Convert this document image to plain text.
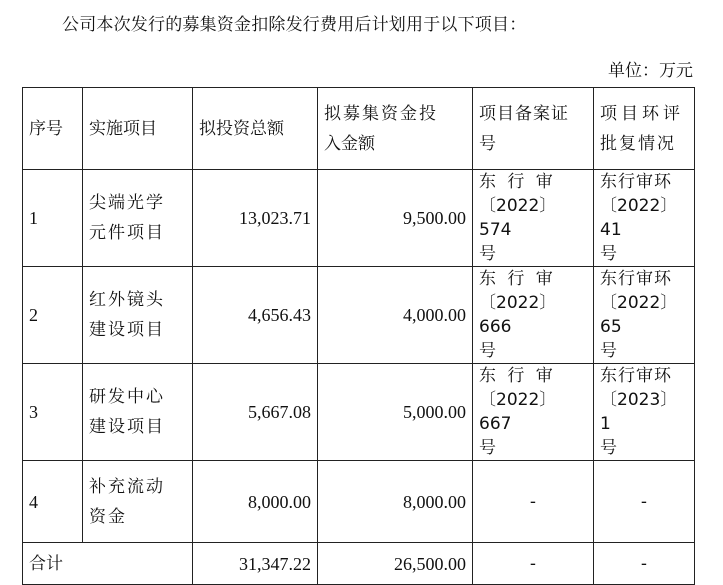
公司本次发行的募集资金扣除发行费用后计划用于以下项目：
单位：万元
序号	实施项目	拟投资总额	拟募集资金投
入金额	项目备案证
号	项目环评
批复情况

1	尖端光学
元件项目	13,023.71	9,500.00	东 行 审
〔2022〕574
号	东行审环
〔2022〕41
号

2	红外镜头
建设项目	4,656.43	4,000.00	东 行 审
〔2022〕666
号	东行审环
〔2022〕65
号

3	研发中心
建设项目	5,667.08	5,000.00	东 行 审
〔2022〕667
号	东行审环
〔2023〕1
号

4	补充流动
资金	8,000.00	8,000.00	-	-
合计		31,347.22	26,500.00	-	-
